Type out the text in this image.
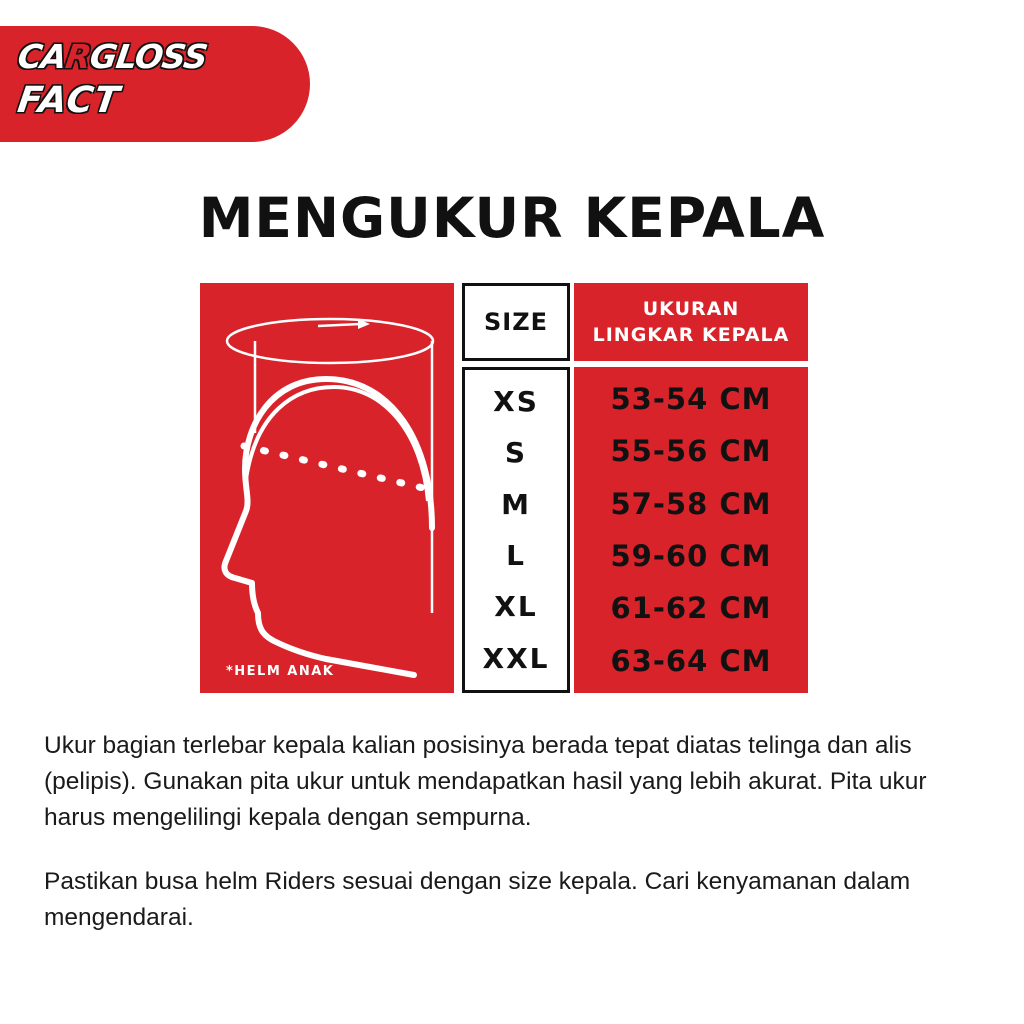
CARGLOSS FACT
MENGUKUR KEPALA
*HELM ANAK
SIZE	UKURAN
LINGKAR KEPALA
XS
S
M
L
XL
XXL
53-54 CM
55-56 CM
57-58 CM
59-60 CM
61-62 CM
63-64 CM

Ukur bagian terlebar kepala kalian posisinya berada tepat diatas telinga dan alis (pelipis). Gunakan pita ukur untuk mendapatkan hasil yang lebih akurat. Pita ukur harus mengelilingi kepala dengan sempurna.

Pastikan busa helm Riders sesuai dengan size kepala. Cari kenyamanan dalam mengendarai.
